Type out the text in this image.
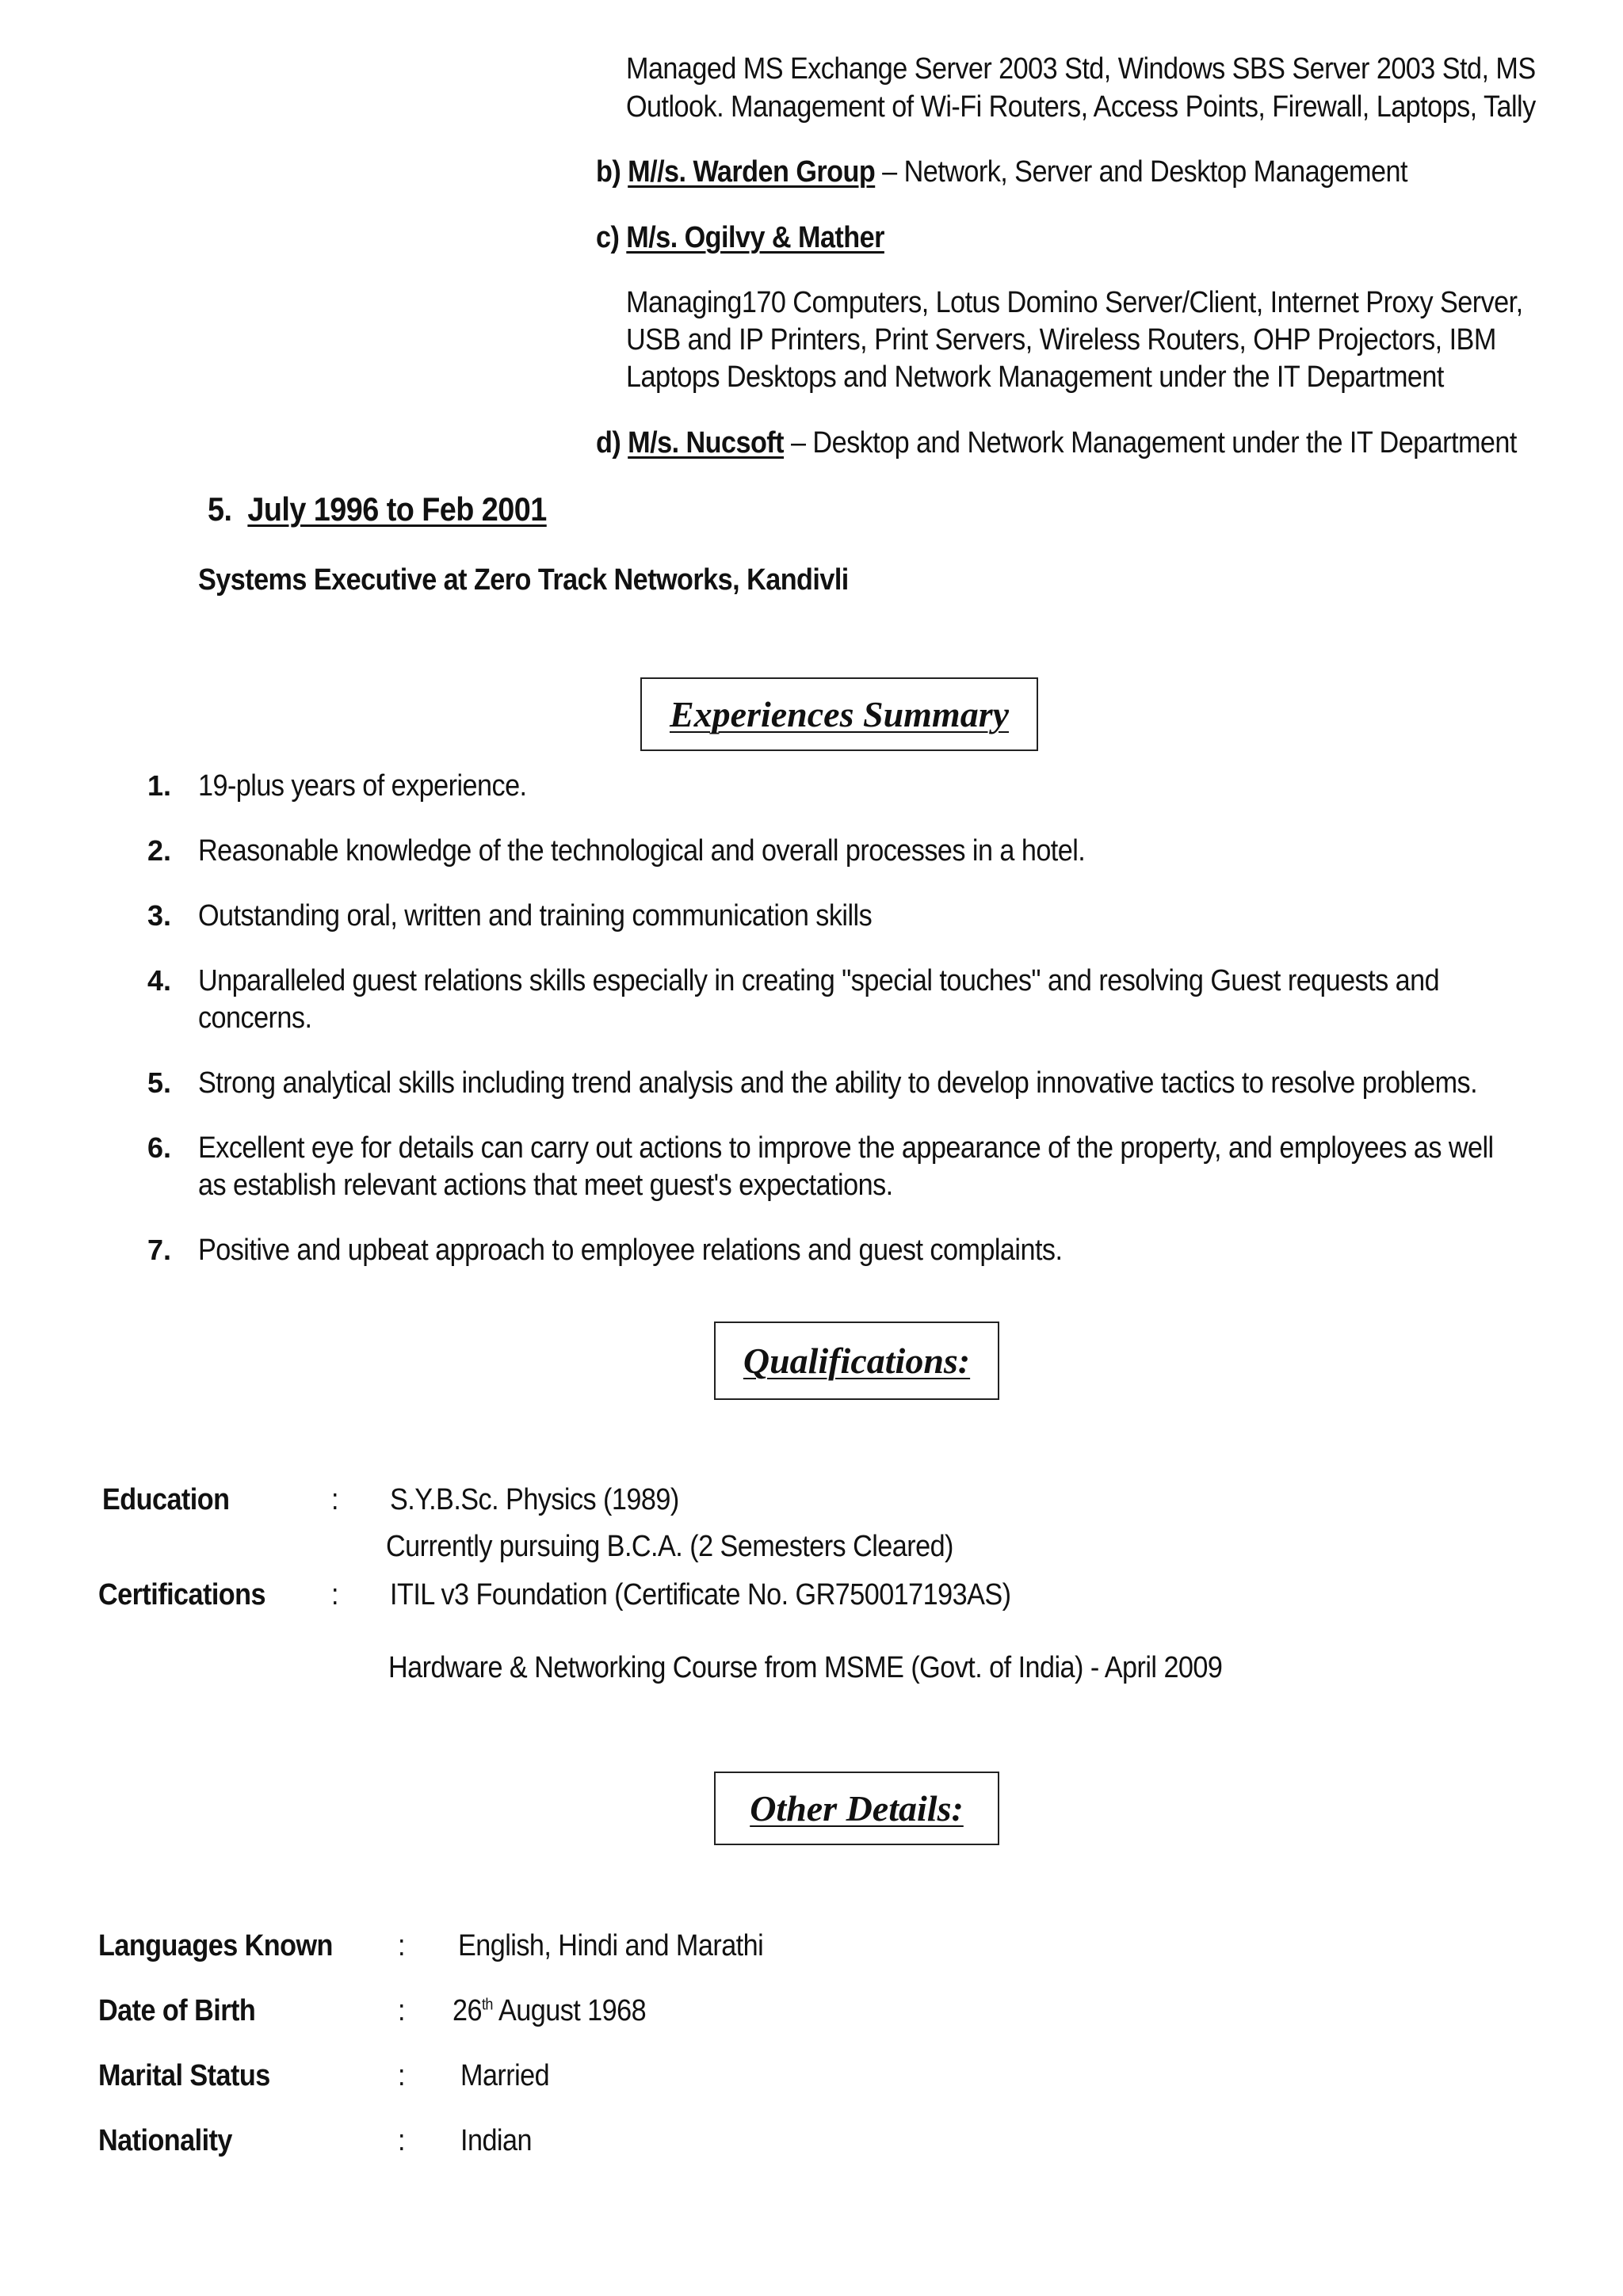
Managed MS Exchange Server 2003 Std, Windows SBS Server 2003 Std, MS
Outlook. Management of Wi-Fi Routers, Access Points, Firewall, Laptops, Tally
b) M//s. Warden Group – Network, Server and Desktop Management
c) M/s. Ogilvy & Mather
Managing170 Computers, Lotus Domino Server/Client, Internet Proxy Server,
USB and IP Printers, Print Servers, Wireless Routers, OHP Projectors, IBM
Laptops Desktops and Network Management under the IT Department
d) M/s. Nucsoft – Desktop and Network Management under the IT Department
5. July 1996 to Feb 2001
Systems Executive at Zero Track Networks, Kandivli
Experiences Summary
1. 19-plus years of experience.
2. Reasonable knowledge of the technological and overall processes in a hotel.
3. Outstanding oral, written and training communication skills
4. Unparalleled guest relations skills especially in creating "special touches" and resolving Guest requests and
concerns.
5. Strong analytical skills including trend analysis and the ability to develop innovative tactics to resolve problems.
6. Excellent eye for details can carry out actions to improve the appearance of the property, and employees as well
as establish relevant actions that meet guest's expectations.
7. Positive and upbeat approach to employee relations and guest complaints.
Qualifications:
Education	: S.Y.B.Sc. Physics (1989)
Currently pursuing B.C.A. (2 Semesters Cleared)
Certifications : ITIL v3 Foundation (Certificate No. GR750017193AS)
Hardware & Networking Course from MSME (Govt. of India) - April 2009
Other Details:
Languages Known : English, Hindi and Marathi
Date of Birth	: 26th August 1968
Marital Status	: Married
Nationality	: Indian
